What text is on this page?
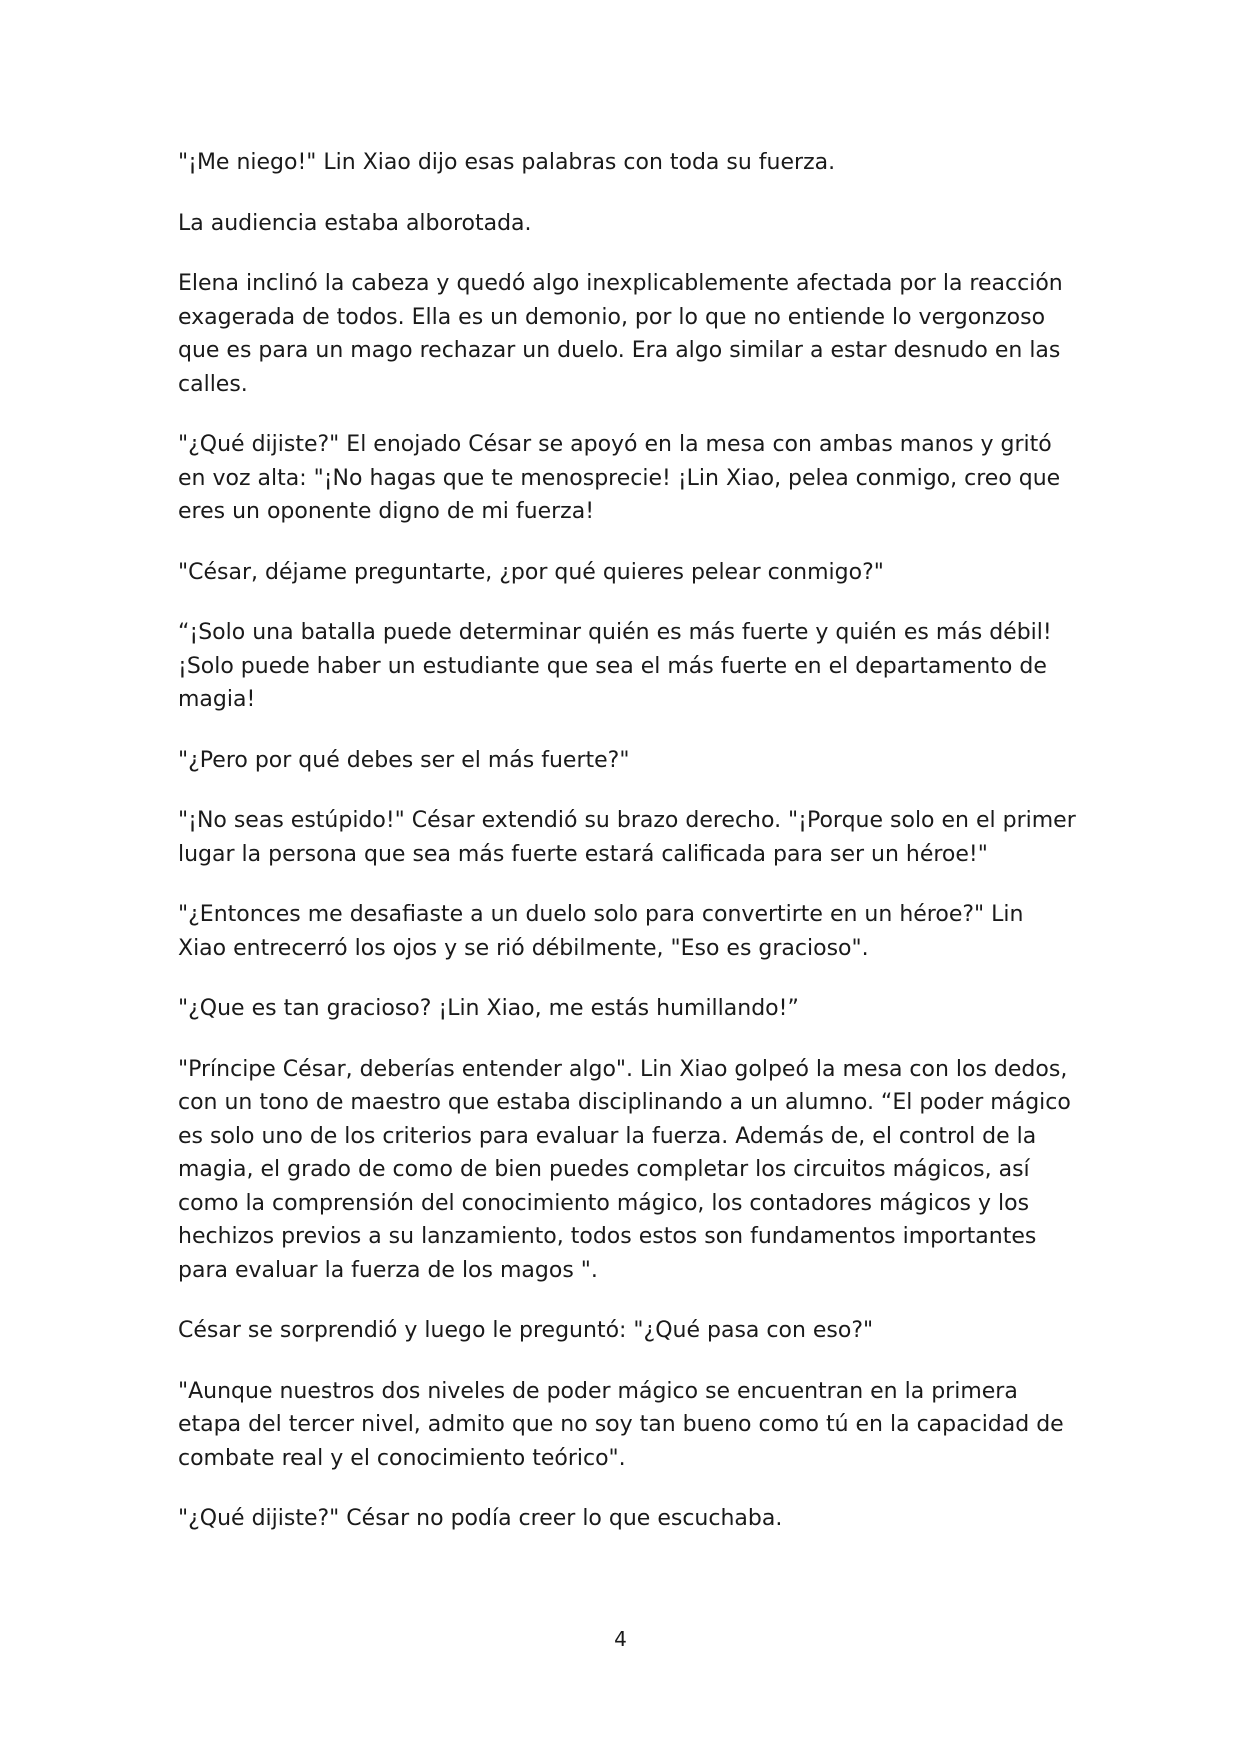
"¡Me niego!" Lin Xiao dijo esas palabras con toda su fuerza.

La audiencia estaba alborotada.

Elena inclinó la cabeza y quedó algo inexplicablemente afectada por la reacción exagerada de todos. Ella es un demonio, por lo que no entiende lo vergonzoso que es para un mago rechazar un duelo. Era algo similar a estar desnudo en las calles.

"¿Qué dijiste?" El enojado César se apoyó en la mesa con ambas manos y gritó en voz alta: "¡No hagas que te menosprecie! ¡Lin Xiao, pelea conmigo, creo que eres un oponente digno de mi fuerza!

"César, déjame preguntarte, ¿por qué quieres pelear conmigo?"

“¡Solo una batalla puede determinar quién es más fuerte y quién es más débil! ¡Solo puede haber un estudiante que sea el más fuerte en el departamento de magia!

"¿Pero por qué debes ser el más fuerte?"

"¡No seas estúpido!" César extendió su brazo derecho. "¡Porque solo en el primer lugar la persona que sea más fuerte estará calificada para ser un héroe!"

"¿Entonces me desafiaste a un duelo solo para convertirte en un héroe?" Lin Xiao entrecerró los ojos y se rió débilmente, "Eso es gracioso".

"¿Que es tan gracioso? ¡Lin Xiao, me estás humillando!”

"Príncipe César, deberías entender algo". Lin Xiao golpeó la mesa con los dedos, con un tono de maestro que estaba disciplinando a un alumno. “El poder mágico es solo uno de los criterios para evaluar la fuerza. Además de, el control de la magia, el grado de como de bien puedes completar los circuitos mágicos, así como la comprensión del conocimiento mágico, los contadores mágicos y los hechizos previos a su lanzamiento, todos estos son fundamentos importantes para evaluar la fuerza de los magos ".

César se sorprendió y luego le preguntó: "¿Qué pasa con eso?"

"Aunque nuestros dos niveles de poder mágico se encuentran en la primera etapa del tercer nivel, admito que no soy tan bueno como tú en la capacidad de combate real y el conocimiento teórico".

"¿Qué dijiste?" César no podía creer lo que escuchaba.

4
